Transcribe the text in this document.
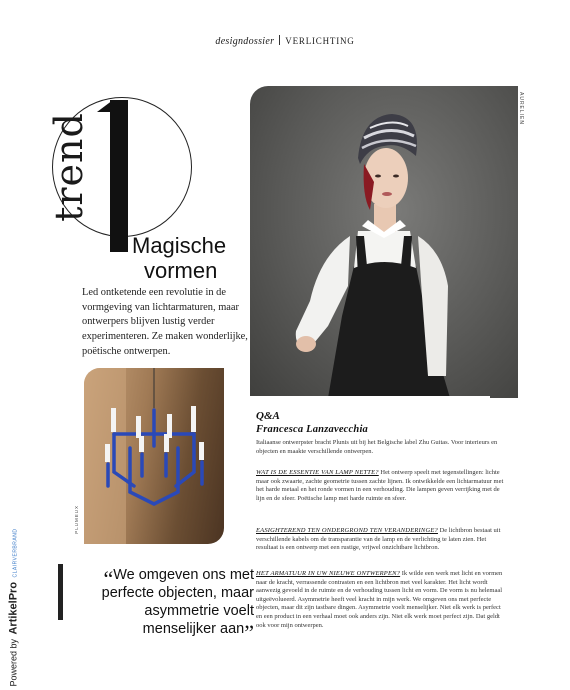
designdossier VERLICHTING
trend
Magische
vormen
Led ontketende een revolutie in de vormgeving van lichtarmaturen, maar ontwerpers blijven lustig verder experimenteren. Ze maken wonderlijke, poëtische ontwerpen.
AURELIEN
PLUMEUX
Q&A
Francesca Lanzavecchia
Italiaanse ontwerpster bracht Plunis uit bij het Belgische label Zhu Guitas. Voor interieurs en objecten en maakte verschillende ontwerpen.
WAT IS DE ESSENTIE VAN LAMP NETTE? Het ontwerp speelt met tegenstellingen: lichte maar ook zwaarte, zachte geometrie tussen zachte lijnen. Ik ontwikkelde een lichtarmatuur met het harde metaal en het ronde vormen in een verhouding. Die lampen geven verrijking met de lijn en de sfeer. Poëtische lamp met harde ruimte en sfeer.
EASIGHTEREND TEN ONDERGROND TEN VERANDERINGE? De lichtbron bestaat uit verschillende kabels om de transparantie van de lamp en de verlichting te laten zien. Het resultaat is een ontwerp met een rustige, vrijwel onzichtbare lichtbron.
HET ARMATUUR IN UW NIEUWE ONTWERPEN? Ik wilde een werk met licht en vormen naar de kracht, verrassende contrasten en een lichtbron met veel karakter. Het licht wordt aanwezig gevoeld in de ruimte en de verhouding tussen licht en vorm. De vorm is nu helemaal uitgeëvolueerd. Asymmetrie heeft veel kracht in mijn werk. We omgeven ons met perfecte objecten, maar dit zijn tastbare dingen. Asymmetrie voelt menselijker. Niet elk werk is perfect en een product in een verhaal moet ook anders zijn. Niet elk werk moet perfect zijn. Dat geldt ook voor mijn ontwerpen.
“We omgeven ons met perfecte objecten, maar asymmetrie voelt menselijker aan”
Powered by ArtikelPro CLAIRVERBRAND
